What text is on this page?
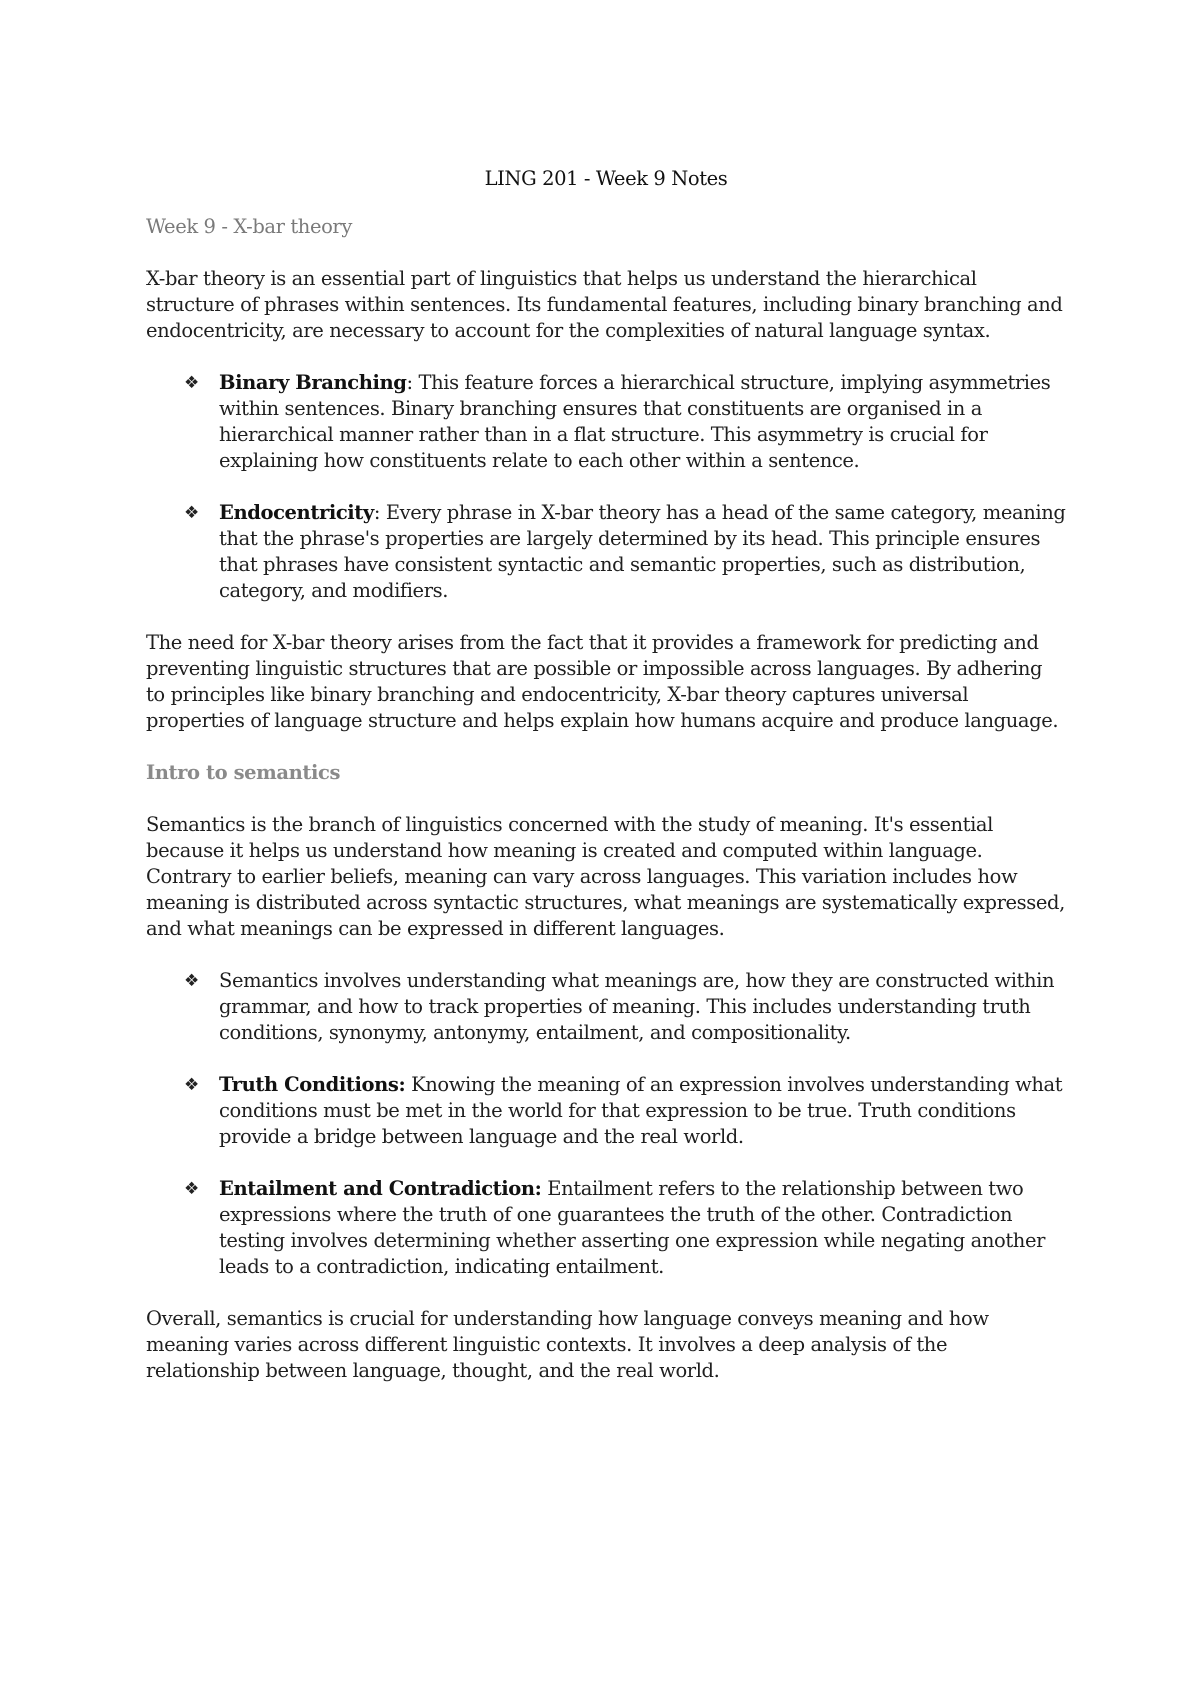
LING 201 - Week 9 Notes
Week 9 - X-bar theory

X-bar theory is an essential part of linguistics that helps us understand the hierarchical structure of phrases within sentences. Its fundamental features, including binary branching and endocentricity, are necessary to account for the complexities of natural language syntax.

❖ Binary Branching: This feature forces a hierarchical structure, implying asymmetries within sentences. Binary branching ensures that constituents are organised in a hierarchical manner rather than in a flat structure. This asymmetry is crucial for explaining how constituents relate to each other within a sentence.
❖ Endocentricity: Every phrase in X-bar theory has a head of the same category, meaning that the phrase's properties are largely determined by its head. This principle ensures that phrases have consistent syntactic and semantic properties, such as distribution, category, and modifiers.

The need for X-bar theory arises from the fact that it provides a framework for predicting and preventing linguistic structures that are possible or impossible across languages. By adhering to principles like binary branching and endocentricity, X-bar theory captures universal properties of language structure and helps explain how humans acquire and produce language.

Intro to semantics

Semantics is the branch of linguistics concerned with the study of meaning. It's essential because it helps us understand how meaning is created and computed within language. Contrary to earlier beliefs, meaning can vary across languages. This variation includes how meaning is distributed across syntactic structures, what meanings are systematically expressed, and what meanings can be expressed in different languages.

❖ Semantics involves understanding what meanings are, how they are constructed within grammar, and how to track properties of meaning. This includes understanding truth conditions, synonymy, antonymy, entailment, and compositionality.
❖ Truth Conditions: Knowing the meaning of an expression involves understanding what conditions must be met in the world for that expression to be true. Truth conditions provide a bridge between language and the real world.
❖ Entailment and Contradiction: Entailment refers to the relationship between two expressions where the truth of one guarantees the truth of the other. Contradiction testing involves determining whether asserting one expression while negating another leads to a contradiction, indicating entailment.

Overall, semantics is crucial for understanding how language conveys meaning and how meaning varies across different linguistic contexts. It involves a deep analysis of the relationship between language, thought, and the real world.
